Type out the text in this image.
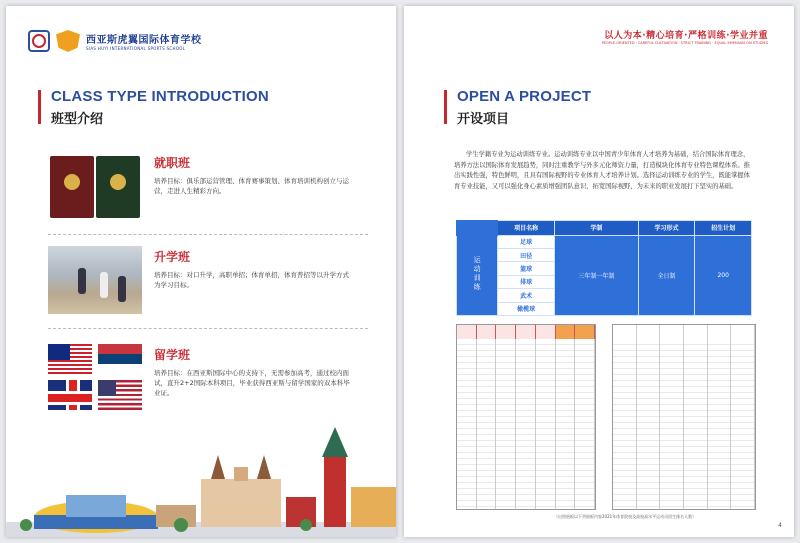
西亚斯虎翼国际体育学校
SIAS HUYI INTERNATIONAL SPORTS SCHOOL
CLASS TYPE INTRODUCTION
班型介绍
就职班
培养目标：俱乐部运营管理、体育赛事策划、体育培训机构创立与运营，走进人生精彩方向。
升学班
培养目标：对口升学，高职单招；体育单招，体育普招等以升学方式为学习目标。
留学班
培养目标：在西亚斯国际中心的支持下，无需参加高考，通过校内面试，直升2+2国际本科项目，毕业获得西亚斯与留学国家的双本科毕业证。
以人为本·精心培育·严格训练·学业并重
PEOPLE-ORIENTED · CAREFUL CULTIVATION · STRICT TRAINING · EQUAL EMPHASIS ON STUDIES
OPEN A PROJECT
开设项目
学生学籍专业为运动训练专业。运动训练专业以中国青少年体育人才培养为基础，结合国际体育理念，培养方法以国际体育发展趋势，同时注重教学与外多元化师资力量，打造模块化体育专业特色课程体系。推出实践性强，特色鲜明，且具有国际视野的专业体育人才培养计划。选择运动训练专业的学生，既能掌握体育专业技能，又可以强化身心素质增强团队意识，拓宽国际视野，为未来的职业发展打下坚实的基础。
	项目名称	学制	学习形式	招生计划
运动训练	足球	三年制一年制	全日制	200
	田径			
	篮球			
	排球			
	武术			
	橄榄球			
（出图展板以下列展板内容2021年体育院校及高校高水平运动员招生排名人数）
4
